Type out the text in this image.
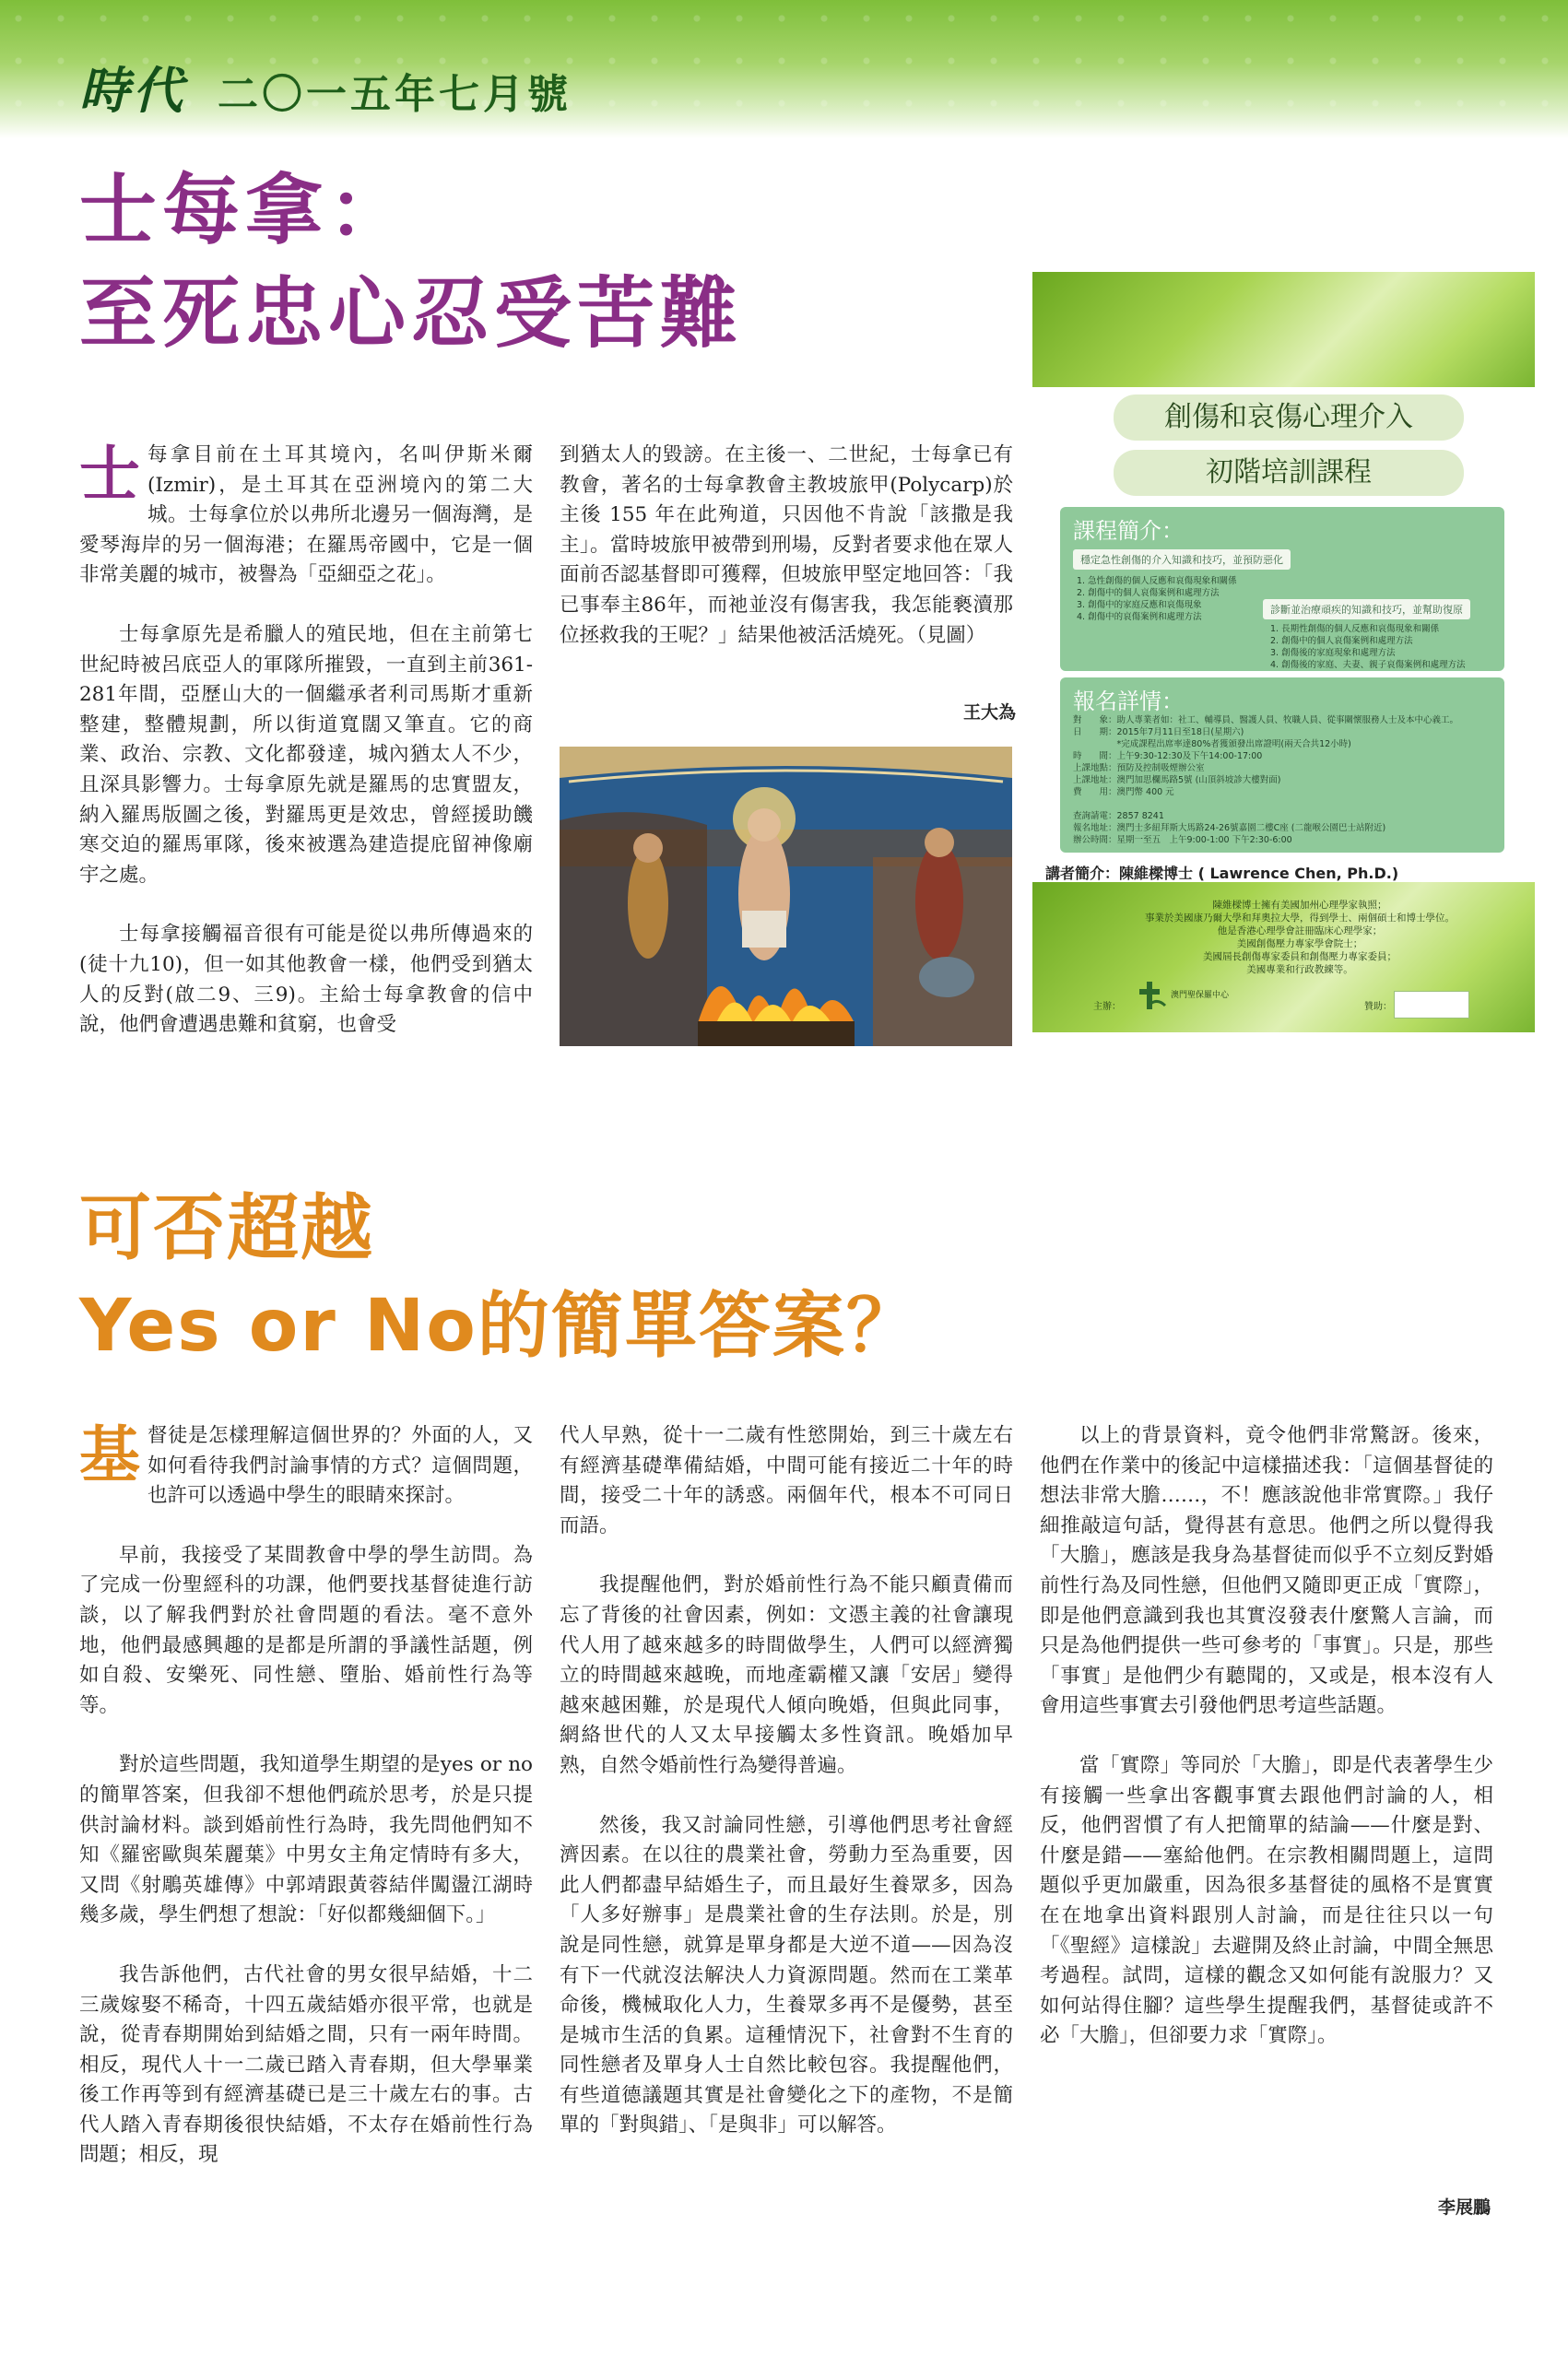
時代 二〇一五年七月號
士每拿：
至死忠心忍受苦難

士每拿目前在土耳其境內，名叫伊斯米爾(Izmir)，是土耳其在亞洲境內的第二大城。士每拿位於以弗所北邊另一個海灣，是愛琴海岸的另一個海港；在羅馬帝國中，它是一個非常美麗的城市，被譽為「亞細亞之花」。

士每拿原先是希臘人的殖民地，但在主前第七世紀時被呂底亞人的軍隊所摧毀，一直到主前361-281年間，亞歷山大的一個繼承者利司馬斯才重新整建，整體規劃，所以街道寬闊又筆直。它的商業、政治、宗教、文化都發達，城內猶太人不少，且深具影響力。士每拿原先就是羅馬的忠實盟友，納入羅馬版圖之後，對羅馬更是效忠，曾經援助饑寒交迫的羅馬軍隊，後來被選為建造提庇留神像廟宇之處。

士每拿接觸福音很有可能是從以弗所傳過來的(徒十九10)，但一如其他教會一樣，他們受到猶太人的反對(啟二9、三9)。主給士每拿教會的信中說，他們會遭遇患難和貧窮，也會受

到猶太人的毀謗。在主後一、二世紀，士每拿已有教會，著名的士每拿教會主教坡旅甲(Polycarp)於主後 155 年在此殉道，只因他不肯說「該撒是我主」。當時坡旅甲被帶到刑場，反對者要求他在眾人面前否認基督即可獲釋，但坡旅甲堅定地回答：「我已事奉主86年，而祂並沒有傷害我，我怎能褻瀆那位拯救我的王呢？」結果他被活活燒死。（見圖）

王大為
創傷和哀傷心理介入
初階培訓課程
課程簡介：
穩定急性創傷的介入知識和技巧，並預防惡化
1. 急性創傷的個人反應和哀傷現象和關係
2. 創傷中的個人哀傷案例和處理方法
3. 創傷中的家庭反應和哀傷現象
4. 創傷中的哀傷案例和處理方法
診斷並治療頑疾的知識和技巧，並幫助復原
1. 長期性創傷的個人反應和哀傷現象和關係
2. 創傷中的個人哀傷案例和處理方法
3. 創傷後的家庭現象和處理方法
4. 創傷後的家庭、夫妻、親子哀傷案例和處理方法
報名詳情：
對　　象：助人專業者如：社工、輔導員、醫護人員、牧職人員、從事關懷服務人士及本中心義工。
日　　期：2015年7月11日至18日(星期六)
　　　　　*完成課程出席率達80%者獲頒發出席證明(兩天合共12小時)
時　　間：上午9:30-12:30及下午14:00-17:00
上課地點：預防及控制吸煙辦公室
上課地址：澳門加思欄馬路5號 (山頂斜坡診大樓對面)
費　　用：澳門幣 400 元
查詢請電：2857 8241
報名地址：澳門士多紐拜斯大馬路24-26號嘉園二樓C座 (二龍喉公園巴士站附近)
辦公時間：星期一至五　上午9:00-1:00 下午2:30-6:00
講者簡介：陳維樑博士 ( Lawrence Chen, Ph.D.)
陳維樑博士擁有美國加州心理學家執照；
事業於美國康乃爾大學和拜奧拉大學，得到學士、兩個碩士和博士學位。
他是香港心理學會註冊臨床心理學家；
美國創傷壓力專家學會院士；
美國屆長創傷專家委員和創傷壓力專家委員；
美國專業和行政教練等。
主辦：
澳門聖保羅中心
贊助：
可否超越
Yes or No的簡單答案？

基督徒是怎樣理解這個世界的？外面的人，又如何看待我們討論事情的方式？這個問題，也許可以透過中學生的眼睛來探討。

早前，我接受了某間教會中學的學生訪問。為了完成一份聖經科的功課，他們要找基督徒進行訪談，以了解我們對於社會問題的看法。毫不意外地，他們最感興趣的是都是所謂的爭議性話題，例如自殺、安樂死、同性戀、墮胎、婚前性行為等等。

對於這些問題，我知道學生期望的是yes or no的簡單答案，但我卻不想他們疏於思考，於是只提供討論材料。談到婚前性行為時，我先問他們知不知《羅密歐與茱麗葉》中男女主角定情時有多大，又問《射鵰英雄傳》中郭靖跟黃蓉結伴闖盪江湖時幾多歲，學生們想了想說：「好似都幾細個下。」

我告訴他們，古代社會的男女很早結婚，十二三歲嫁娶不稀奇，十四五歲結婚亦很平常，也就是說，從青春期開始到結婚之間，只有一兩年時間。相反，現代人十一二歲已踏入青春期，但大學畢業後工作再等到有經濟基礎已是三十歲左右的事。古代人踏入青春期後很快結婚，不太存在婚前性行為問題；相反，現

代人早熟，從十一二歲有性慾開始，到三十歲左右有經濟基礎準備結婚，中間可能有接近二十年的時間，接受二十年的誘惑。兩個年代，根本不可同日而語。

我提醒他們，對於婚前性行為不能只顧責備而忘了背後的社會因素，例如：文憑主義的社會讓現代人用了越來越多的時間做學生，人們可以經濟獨立的時間越來越晚，而地產霸權又讓「安居」變得越來越困難，於是現代人傾向晚婚，但與此同事，網絡世代的人又太早接觸太多性資訊。晚婚加早熟，自然令婚前性行為變得普遍。

然後，我又討論同性戀，引導他們思考社會經濟因素。在以往的農業社會，勞動力至為重要，因此人們都盡早結婚生子，而且最好生養眾多，因為「人多好辦事」是農業社會的生存法則。於是，別說是同性戀，就算是單身都是大逆不道——因為沒有下一代就沒法解決人力資源問題。然而在工業革命後，機械取化人力，生養眾多再不是優勢，甚至是城市生活的負累。這種情況下，社會對不生育的同性戀者及單身人士自然比較包容。我提醒他們，有些道德議題其實是社會變化之下的產物，不是簡單的「對與錯」、「是與非」可以解答。

以上的背景資料，竟令他們非常驚訝。後來，他們在作業中的後記中這樣描述我：「這個基督徒的想法非常大膽……，不！應該說他非常實際。」我仔細推敲這句話，覺得甚有意思。他們之所以覺得我「大膽」，應該是我身為基督徒而似乎不立刻反對婚前性行為及同性戀，但他們又隨即更正成「實際」，即是他們意識到我也其實沒發表什麼驚人言論，而只是為他們提供一些可參考的「事實」。只是，那些「事實」是他們少有聽聞的，又或是，根本沒有人會用這些事實去引發他們思考這些話題。

當「實際」等同於「大膽」，即是代表著學生少有接觸一些拿出客觀事實去跟他們討論的人，相反，他們習慣了有人把簡單的結論——什麼是對、什麼是錯——塞給他們。在宗教相關問題上，這問題似乎更加嚴重，因為很多基督徒的風格不是實實在在地拿出資料跟別人討論，而是往往只以一句「《聖經》這樣說」去避開及終止討論，中間全無思考過程。試問，這樣的觀念又如何能有說服力？又如何站得住腳？這些學生提醒我們，基督徒或許不必「大膽」，但卻要力求「實際」。

李展鵬
